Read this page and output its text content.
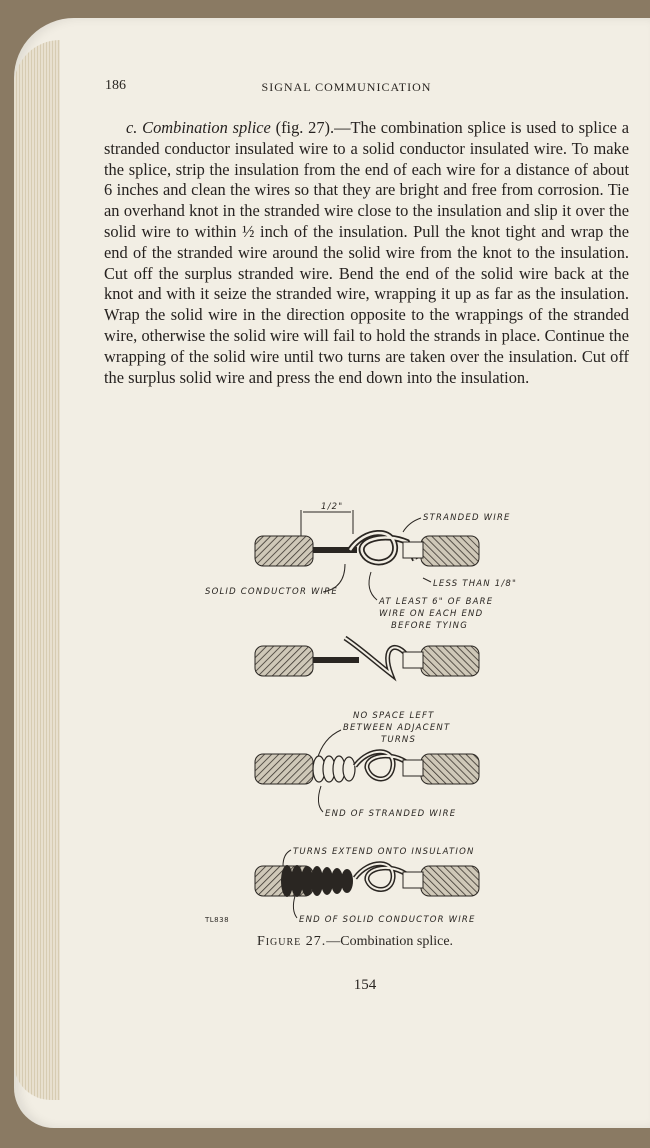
186	SIGNAL COMMUNICATION
c. Combination splice (fig. 27).—The combination splice is used to splice a stranded conductor insulated wire to a solid conductor insulated wire. To make the splice, strip the insulation from the end of each wire for a distance of about 6 inches and clean the wires so that they are bright and free from corrosion. Tie an overhand knot in the stranded wire close to the insulation and slip it over the solid wire to within ½ inch of the insulation. Pull the knot tight and wrap the end of the stranded wire around the solid wire from the knot to the insulation. Cut off the surplus stranded wire. Bend the end of the solid wire back at the knot and with it seize the stranded wire, wrapping it up as far as the insulation. Wrap the solid wire in the direction opposite to the wrappings of the stranded wire, otherwise the solid wire will fail to hold the strands in place. Continue the wrapping of the solid wire until two turns are taken over the insulation. Cut off the surplus solid wire and press the end down into the insulation.
1/2"
STRANDED WIRE
SOLID CONDUCTOR WIRE
LESS THAN 1/8"
AT LEAST 6" OF BARE
WIRE ON EACH END
BEFORE TYING
NO SPACE LEFT
BETWEEN ADJACENT
TURNS
END OF STRANDED WIRE
TURNS EXTEND ONTO INSULATION
END OF SOLID CONDUCTOR WIRE
TL838
Figure 27.—Combination splice.
154
